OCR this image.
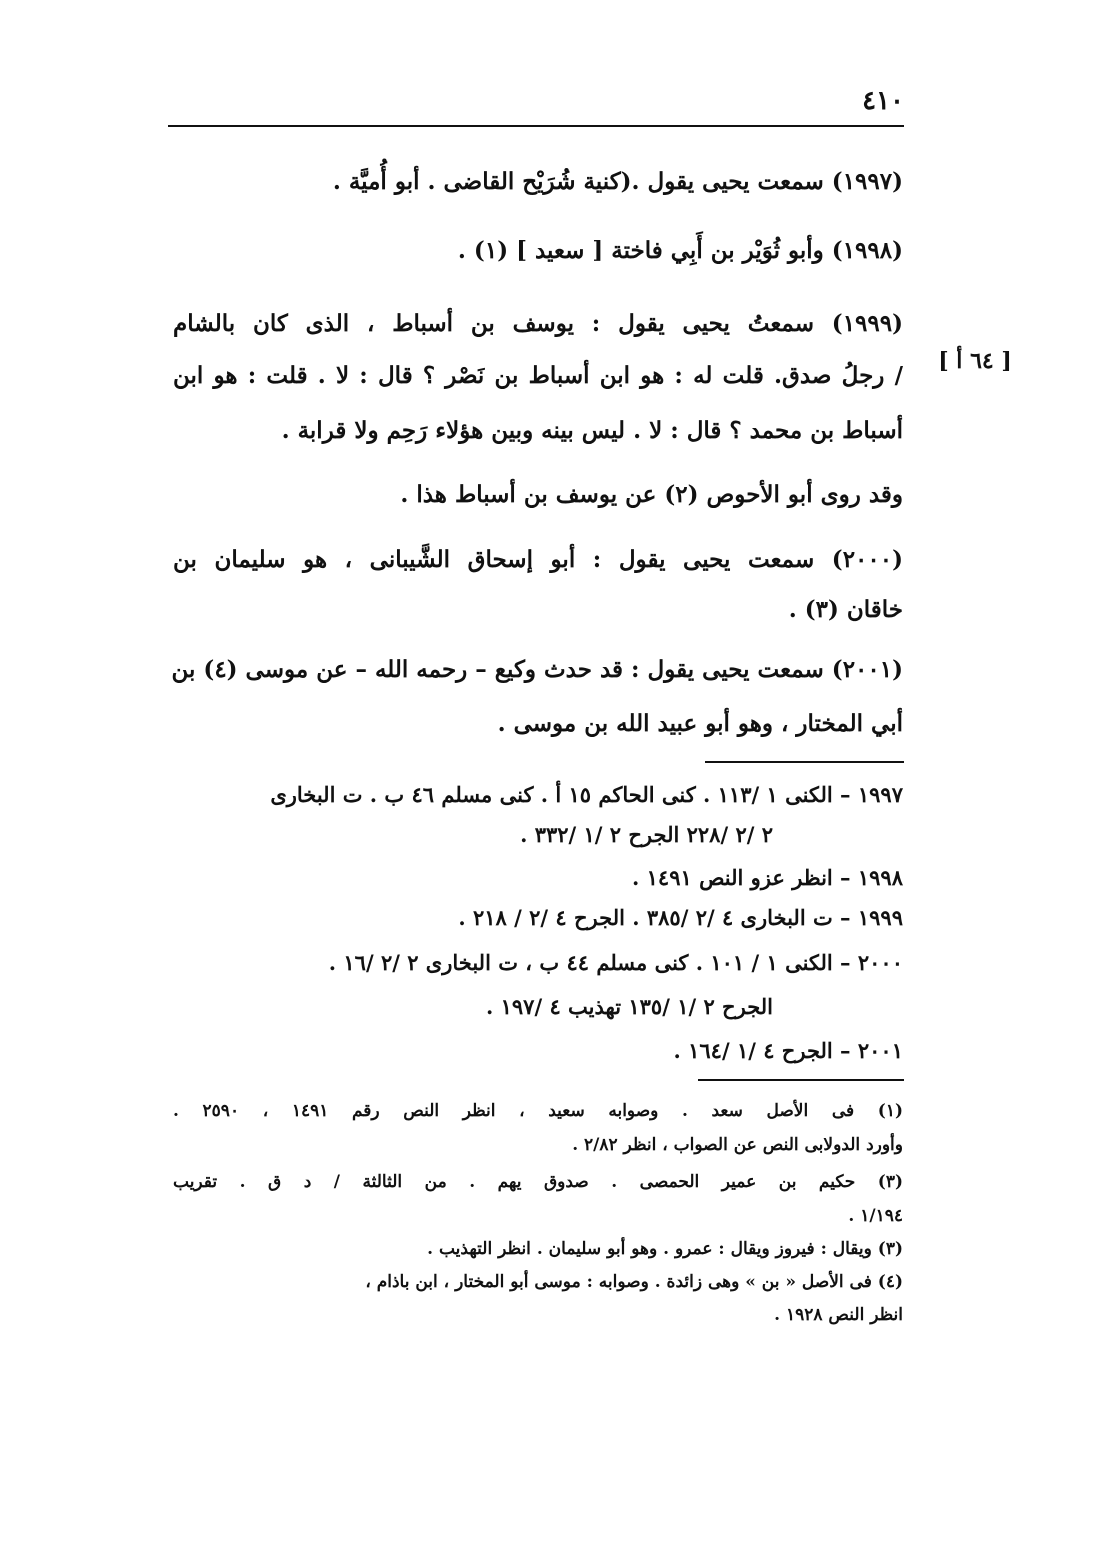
٤١٠
[ ٦٤ أ ]
(١٩٩٧) سمعت يحيى يقول .(كنية شُرَيْح القاضى . أبو أُميَّة .
(١٩٩٨) وأبو ثُوَيْر بن أَبِي فاختة [ سعيد ] (١) .
(١٩٩٩) سمعتُ يحيى يقول : يوسف بن أسباط ، الذى كان بالشام
/ رجلُ صدق. قلت له : هو ابن أسباط بن نَصْر ؟ قال : لا . قلت : هو ابن
أسباط بن محمد ؟ قال : لا . ليس بينه وبين هؤلاء رَحِم ولا قرابة .
وقد روى أبو الأحوص (٢) عن يوسف بن أسباط هذا .
(٢٠٠٠) سمعت يحيى يقول : أبو إسحاق الشَّيبانى ، هو سليمان بن
خاقان (٣) .
(٢٠٠١) سمعت يحيى يقول : قد حدث وكيع – رحمه الله – عن موسى (٤) بن
أبي المختار ، وهو أبو عبيد الله بن موسى .
١٩٩٧ – الكنى ١ /١١٣ . كنى الحاكم ١٥ أ . كنى مسلم ٤٦ ب . ت البخارى
٢ /٢ /٢٢٨ الجرح ٢ /١ /٣٣٢ .
١٩٩٨ – انظر عزو النص ١٤٩١ .
١٩٩٩ – ت البخارى ٤ /٢ /٣٨٥ . الجرح ٤ /٢ / ٢١٨ .
٢٠٠٠ – الكنى ١ / ١٠١ . كنى مسلم ٤٤ ب ، ت البخارى ٢ /٢ /١٦ .
الجرح ٢ /١ /١٣٥ تهذيب ٤ /١٩٧ .
٢٠٠١ – الجرح ٤ /١ /١٦٤ .
(١) فى الأصل سعد . وصوابه سعيد ، انظر النص رقم ١٤٩١ ، ٢٥٩٠ .
وأورد الدولابى النص عن الصواب ، انظر ٢/٨٢ .
(٣) حكيم بن عمير الحمصى . صدوق يهم . من الثالثة / د ق . تقريب
١/١٩٤ .
(٣) ويقال : فيروز ويقال : عمرو . وهو أبو سليمان . انظر التهذيب .
(٤) فى الأصل « بن » وهى زائدة . وصوابه : موسى أبو المختار ، ابن باذام ،
انظر النص ١٩٢٨ .
